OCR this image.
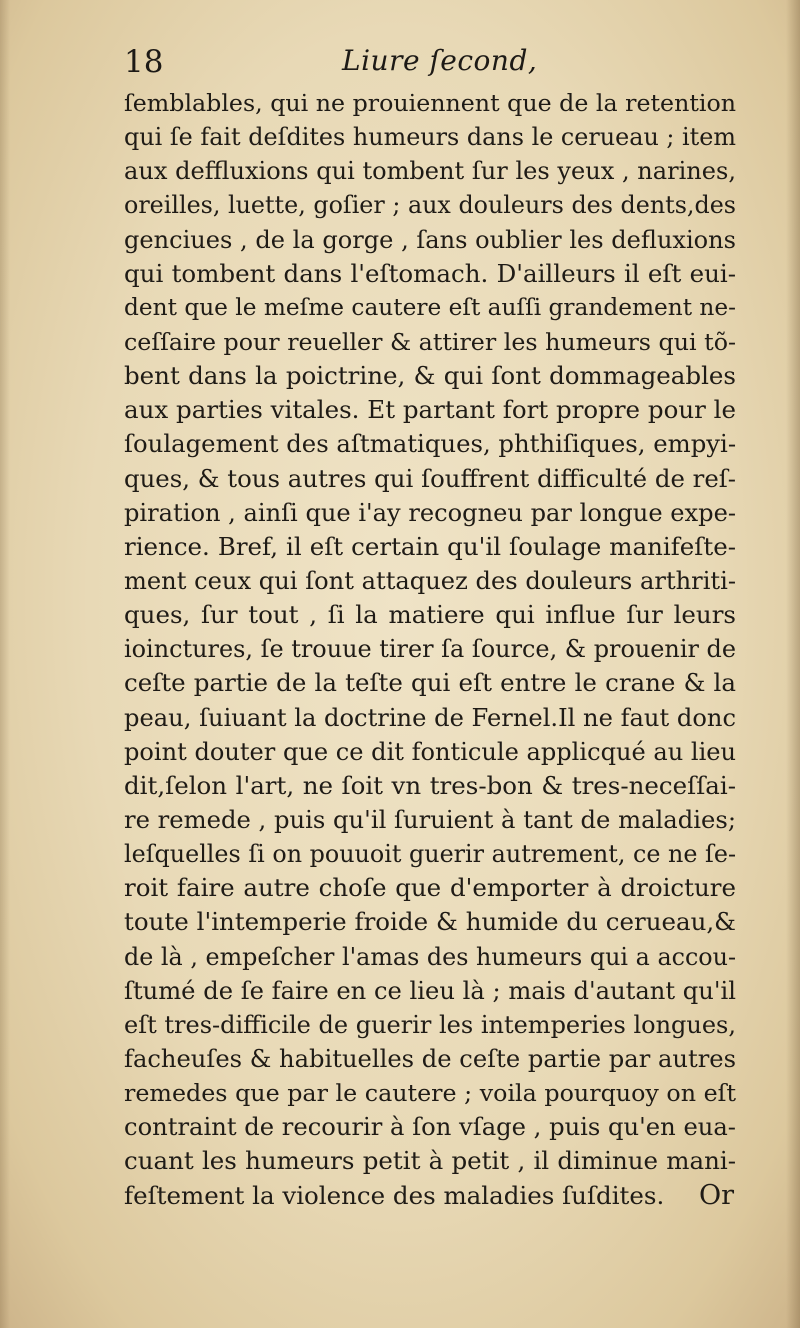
18	Liure ſecond,
ſemblables, qui ne prouiennent que de la retention
qui ſe fait deſdites humeurs dans le cerueau ; item
aux deffluxions qui tombent ſur les yeux , narines,
oreilles, luette, goſier ; aux douleurs des dents,des
genciues , de la gorge , ſans oublier les defluxions
qui tombent dans l'eſtomach. D'ailleurs il eſt eui-
dent que le meſme cautere eſt auſſi grandement ne-
ceſſaire pour reueller & attirer les humeurs qui tõ-
bent dans la poictrine, & qui ſont dommageables
aux parties vitales. Et partant fort propre pour le
ſoulagement des aſtmatiques, phthiſiques, empyi-
ques, & tous autres qui ſouffrent difficulté de reſ-
piration , ainſi que i'ay recogneu par longue expe-
rience. Bref, il eſt certain qu'il ſoulage manifeſte-
ment ceux qui ſont attaquez des douleurs arthriti-
ques, ſur tout , ſi la matiere qui influe ſur leurs
ioinctures, ſe trouue tirer ſa ſource, & prouenir de
ceſte partie de la teſte qui eſt entre le crane & la
peau, ſuiuant la doctrine de Fernel.Il ne faut donc
point douter que ce dit fonticule applicqué au lieu
dit,ſelon l'art, ne ſoit vn tres-bon & tres-neceſſai-
re remede , puis qu'il ſuruient à tant de maladies;
leſquelles ſi on pouuoit guerir autrement, ce ne ſe-
roit faire autre choſe que d'emporter à droicture
toute l'intemperie froide & humide du cerueau,&
de là , empeſcher l'amas des humeurs qui a accou-
ſtumé de ſe faire en ce lieu là ; mais d'autant qu'il
eſt tres-difficile de guerir les intemperies longues,
facheuſes & habituelles de ceſte partie par autres
remedes que par le cautere ; voila pourquoy on eſt
contraint de recourir à ſon vſage , puis qu'en eua-
cuant les humeurs petit à petit , il diminue mani-
feſtement la violence des maladies ſuſdites.	Or
